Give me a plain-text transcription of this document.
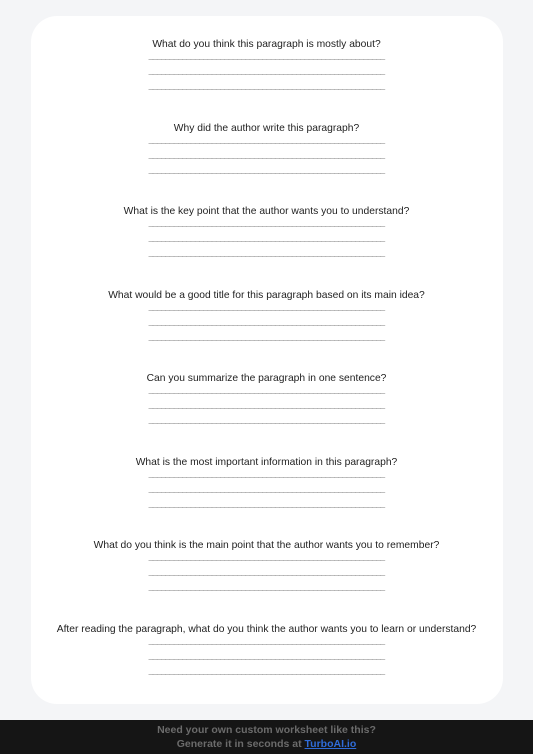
What do you think this paragraph is mostly about?
________________________________________________________
________________________________________________________
________________________________________________________
Why did the author write this paragraph?
________________________________________________________
________________________________________________________
________________________________________________________
What is the key point that the author wants you to understand?
________________________________________________________
________________________________________________________
________________________________________________________
What would be a good title for this paragraph based on its main idea?
________________________________________________________
________________________________________________________
________________________________________________________
Can you summarize the paragraph in one sentence?
________________________________________________________
________________________________________________________
________________________________________________________
What is the most important information in this paragraph?
________________________________________________________
________________________________________________________
________________________________________________________
What do you think is the main point that the author wants you to remember?
________________________________________________________
________________________________________________________
________________________________________________________
After reading the paragraph, what do you think the author wants you to learn or understand?
________________________________________________________
________________________________________________________
________________________________________________________
Need your own custom worksheet like this?
Generate it in seconds at TurboAI.io
